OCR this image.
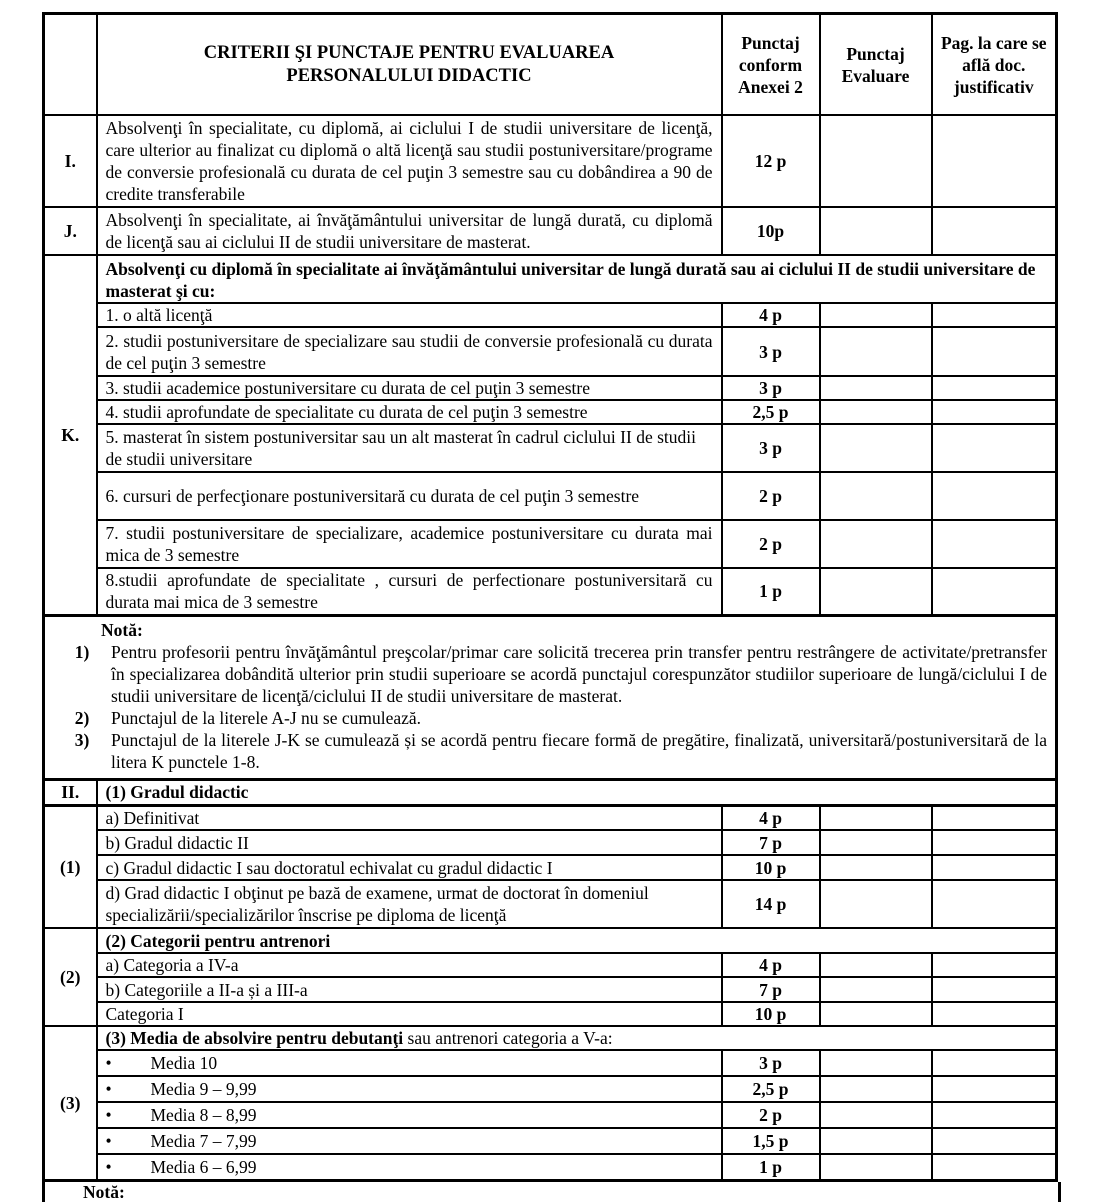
	CRITERII ŞI PUNCTAJE PENTRU EVALUAREA
PERSONALULUI DIDACTIC	Punctaj conform Anexei 2	Punctaj Evaluare	Pag. la care se află doc. justificativ
I.	Absolvenţi în specialitate, cu diplomă, ai ciclului I de studii universitare de licenţă, care ulterior au finalizat cu diplomă o altă licenţă sau studii postuniversitare/programe de conversie profesională cu durata de cel puţin 3 semestre sau cu dobândirea a 90 de credite transferabile	12 p		
J.	Absolvenţi în specialitate, ai învăţământului universitar de lungă durată, cu diplomă de licenţă sau ai ciclului II de studii universitare de masterat.	10p		
K.	Absolvenţi cu diplomă în specialitate ai învăţământului universitar de lungă durată sau ai ciclului II de studii universitare de masterat şi cu:			
	1. o altă licenţă	4 p		
	2. studii postuniversitare de specializare sau studii de conversie profesională cu durata de cel puţin 3 semestre	3 p		
	3. studii academice postuniversitare cu durata de cel puţin 3 semestre	3 p		
	4. studii aprofundate de specialitate cu durata de cel puţin 3 semestre	2,5 p		
	5. masterat în sistem postuniversitar sau un alt masterat în cadrul ciclului II de studii de studii universitare	3 p		
	6. cursuri de perfecţionare postuniversitară cu durata de cel puţin 3 semestre	2 p		
	7. studii postuniversitare de specializare, academice postuniversitare cu durata mai mica de 3 semestre	2 p		
	8.studii aprofundate de specialitate , cursuri de perfectionare postuniversitară cu durata mai mica de 3 semestre	1 p		

Notă:
1)	Pentru profesorii pentru învăţământul preşcolar/primar care solicită trecerea prin transfer pentru restrângere de activitate/pretransfer în specializarea dobândită ulterior prin studii superioare se acordă punctajul corespunzător studiilor superioare de lungă/ciclului I de studii universitare de licenţă/ciclului II de studii universitare de masterat.
2)	Punctajul de la literele A-J nu se cumulează.
3)	Punctajul de la literele J-K se cumulează și se acordă pentru fiecare formă de pregătire, finalizată, universitară/postuniversitară de la litera K punctele 1-8.

II.	(1) Gradul didactic			
(1)	a) Definitivat	4 p		
	b) Gradul didactic II	7 p		
	c) Gradul didactic I sau doctoratul echivalat cu gradul didactic I	10 p		
	d) Grad didactic I obţinut pe bază de examene, urmat de doctorat în domeniul specializării/specializărilor înscrise pe diploma de licenţă	14 p		
(2)	(2) Categorii pentru antrenori			
	a) Categoria a IV-a	4 p		
	b) Categoriile a II-a și a III-a	7 p		
	Categoria I	10 p		
(3)	(3) Media de absolvire pentru debutanţi sau antrenori categoria a V-a:			
	• Media 10	3 p		
	• Media 9 – 9,99	2,5 p		
	• Media 8 – 8,99	2 p		
	• Media 7 – 7,99	1,5 p		
	• Media 6 – 6,99	1 p		
Notă:
